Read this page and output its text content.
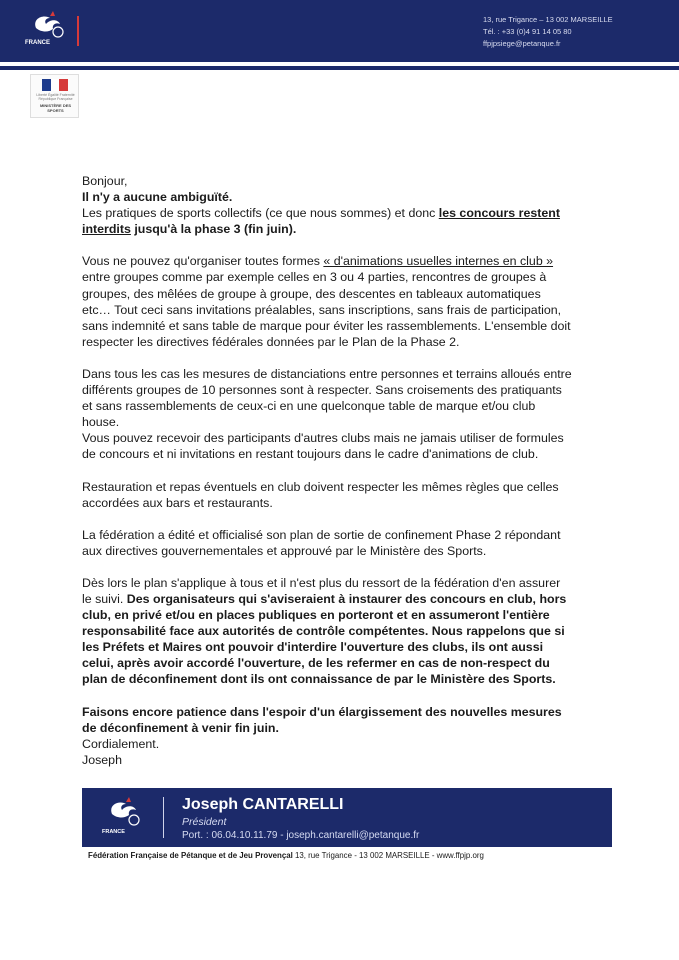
FRANCE
13, rue Trigance – 13 002 MARSEILLE
Tél. : +33 (0)4 91 14 05 80
ffpjpsiege@petanque.fr
Liberté Égalité Fraternité République Française
MINISTÈRE DES SPORTS

Bonjour,

Il n'y a aucune ambiguïté.

Les pratiques de sports collectifs (ce que nous sommes) et donc les concours restent interdits jusqu'à la phase 3 (fin juin).

Vous ne pouvez qu'organiser toutes formes « d'animations usuelles internes en club » entre groupes comme par exemple celles en 3 ou 4 parties, rencontres de groupes à groupes, des mêlées de groupe à groupe, des descentes en tableaux automatiques etc… Tout ceci sans invitations préalables, sans inscriptions, sans frais de participation, sans indemnité et sans table de marque pour éviter les rassemblements. L'ensemble doit respecter les directives fédérales données par le Plan de la Phase 2.

Dans tous les cas les mesures de distanciations entre personnes et terrains alloués entre différents groupes de 10 personnes sont à respecter. Sans croisements des pratiquants et sans rassemblements de ceux-ci en une quelconque table de marque et/ou club house.

Vous pouvez recevoir des participants d'autres clubs mais ne jamais utiliser de formules de concours et ni invitations en restant toujours dans le cadre d'animations de club.

Restauration et repas éventuels en club doivent respecter les mêmes règles que celles accordées aux bars et restaurants.

La fédération a édité et officialisé son plan de sortie de confinement Phase 2 répondant aux directives gouvernementales et approuvé par le Ministère des Sports.

Dès lors le plan s'applique à tous et il n'est plus du ressort de la fédération d'en assurer le suivi. Des organisateurs qui s'aviseraient à instaurer des concours en club, hors club, en privé et/ou en places publiques en porteront et en assumeront l'entière responsabilité face aux autorités de contrôle compétentes. Nous rappelons que si les Préfets et Maires ont pouvoir d'interdire l'ouverture des clubs, ils ont aussi celui, après avoir accordé l'ouverture, de les refermer en cas de non-respect du plan de déconfinement dont ils ont connaissance de par le Ministère des Sports.

Faisons encore patience dans l'espoir d'un élargissement des nouvelles mesures de déconfinement à venir fin juin.

Cordialement.

Joseph

FRANCE
Joseph CANTARELLI
Président
Port. : 06.04.10.11.79 - joseph.cantarelli@petanque.fr
Fédération Française de Pétanque et de Jeu Provençal 13, rue Trigance - 13 002 MARSEILLE - www.ffpjp.org
